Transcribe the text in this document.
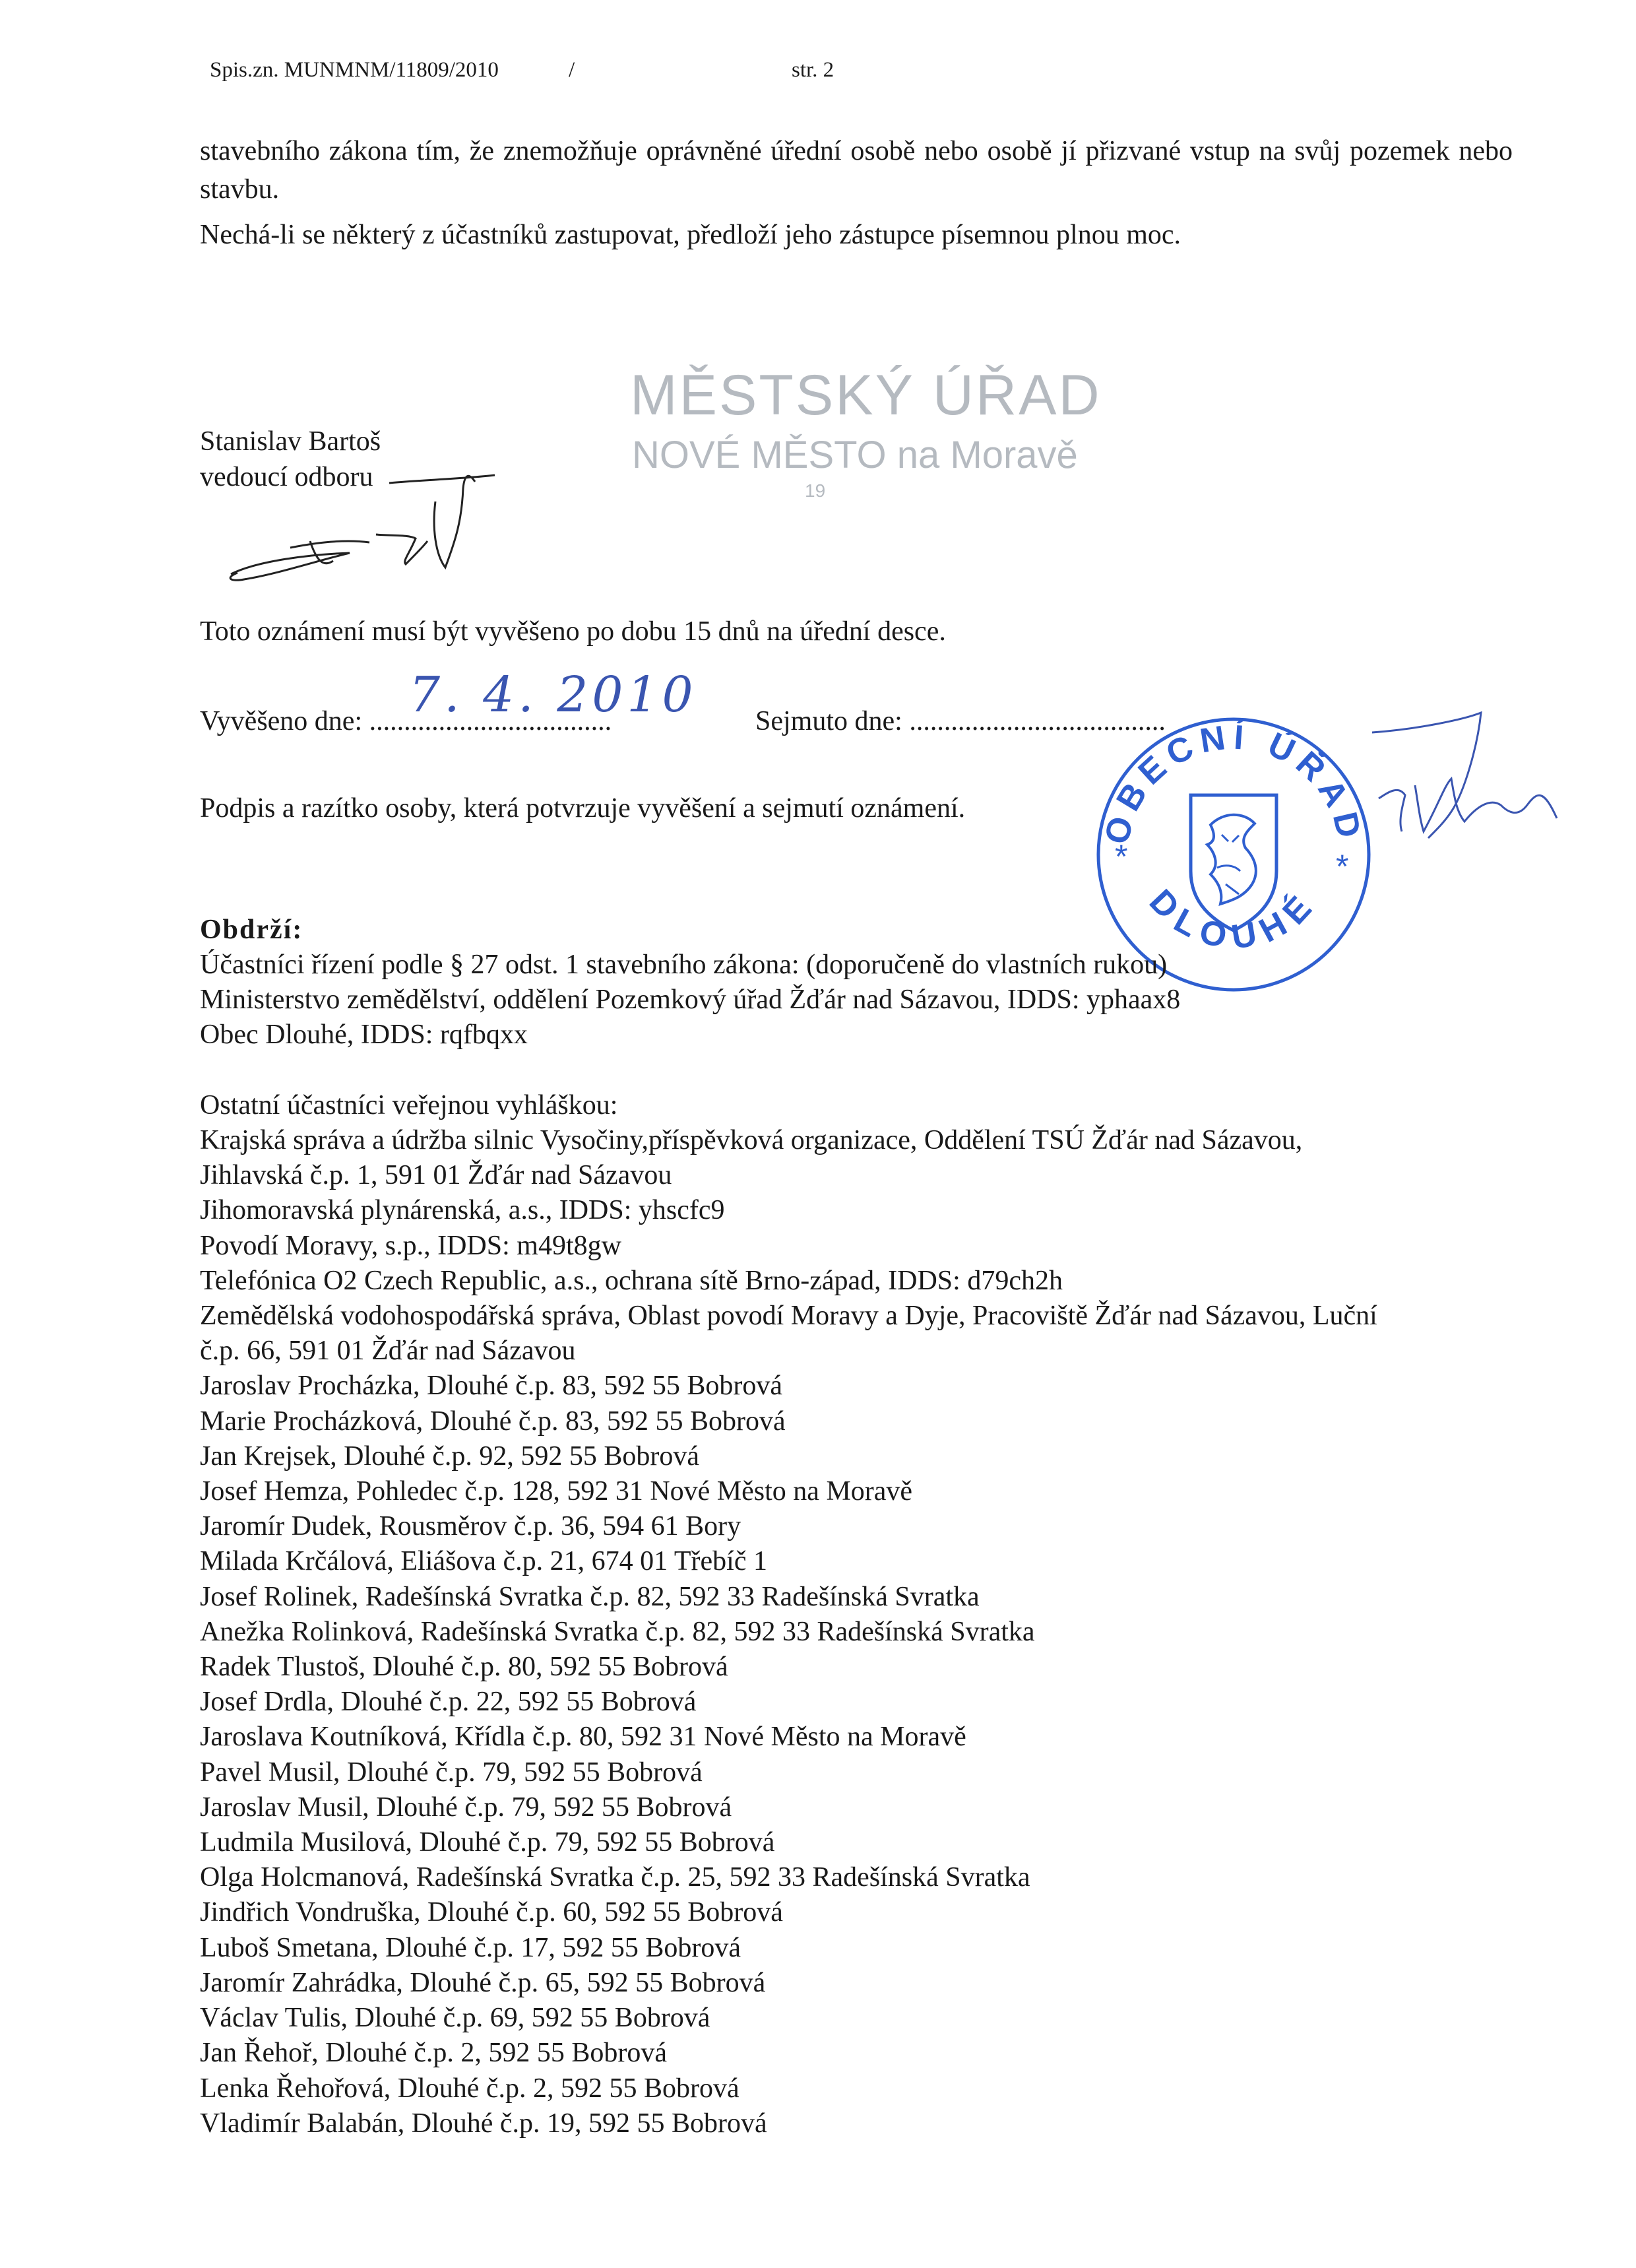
Spis.zn. MUNMNM/11809/2010	/	str. 2
stavebního zákona tím, že znemožňuje oprávněné úřední osobě nebo osobě jí přizvané vstup na svůj pozemek nebo stavbu.
Nechá-li se některý z účastníků zastupovat, předloží jeho zástupce písemnou plnou moc.
MĚSTSKÝ ÚŘAD
NOVÉ MĚSTO na Moravě
19
Stanislav Bartoš
vedoucí odboru
Toto oznámení musí být vyvěšeno po dobu 15 dnů na úřední desce.
Vyvěšeno dne: ...................................
7. 4. 2010 Sejmuto dne: .....................................
Podpis a razítko osoby, která potvrzuje vyvěšení a sejmutí oznámení.	OBECNÍ ÚŘAD
DLOUHÉ
*	*
Obdrží:
Účastníci řízení podle § 27 odst. 1 stavebního zákona: (doporučeně do vlastních rukou)
Ministerstvo zemědělství, oddělení Pozemkový úřad Žďár nad Sázavou, IDDS: yphaax8
Obec Dlouhé, IDDS: rqfbqxx

Ostatní účastníci veřejnou vyhláškou:
Krajská správa a údržba silnic Vysočiny,příspěvková organizace, Oddělení TSÚ Žďár nad Sázavou,
Jihlavská č.p. 1, 591 01 Žďár nad Sázavou
Jihomoravská plynárenská, a.s., IDDS: yhscfc9
Povodí Moravy, s.p., IDDS: m49t8gw
Telefónica O2 Czech Republic, a.s., ochrana sítě Brno-západ, IDDS: d79ch2h
Zemědělská vodohospodářská správa, Oblast povodí Moravy a Dyje, Pracoviště Žďár nad Sázavou, Luční
č.p. 66, 591 01 Žďár nad Sázavou
Jaroslav Procházka, Dlouhé č.p. 83, 592 55 Bobrová
Marie Procházková, Dlouhé č.p. 83, 592 55 Bobrová
Jan Krejsek, Dlouhé č.p. 92, 592 55 Bobrová
Josef Hemza, Pohledec č.p. 128, 592 31 Nové Město na Moravě
Jaromír Dudek, Rousměrov č.p. 36, 594 61 Bory
Milada Krčálová, Eliášova č.p. 21, 674 01 Třebíč 1
Josef Rolinek, Radešínská Svratka č.p. 82, 592 33 Radešínská Svratka
Anežka Rolinková, Radešínská Svratka č.p. 82, 592 33 Radešínská Svratka
Radek Tlustoš, Dlouhé č.p. 80, 592 55 Bobrová
Josef Drdla, Dlouhé č.p. 22, 592 55 Bobrová
Jaroslava Koutníková, Křídla č.p. 80, 592 31 Nové Město na Moravě
Pavel Musil, Dlouhé č.p. 79, 592 55 Bobrová
Jaroslav Musil, Dlouhé č.p. 79, 592 55 Bobrová
Ludmila Musilová, Dlouhé č.p. 79, 592 55 Bobrová
Olga Holcmanová, Radešínská Svratka č.p. 25, 592 33 Radešínská Svratka
Jindřich Vondruška, Dlouhé č.p. 60, 592 55 Bobrová
Luboš Smetana, Dlouhé č.p. 17, 592 55 Bobrová
Jaromír Zahrádka, Dlouhé č.p. 65, 592 55 Bobrová
Václav Tulis, Dlouhé č.p. 69, 592 55 Bobrová
Jan Řehoř, Dlouhé č.p. 2, 592 55 Bobrová
Lenka Řehořová, Dlouhé č.p. 2, 592 55 Bobrová
Vladimír Balabán, Dlouhé č.p. 19, 592 55 Bobrová
